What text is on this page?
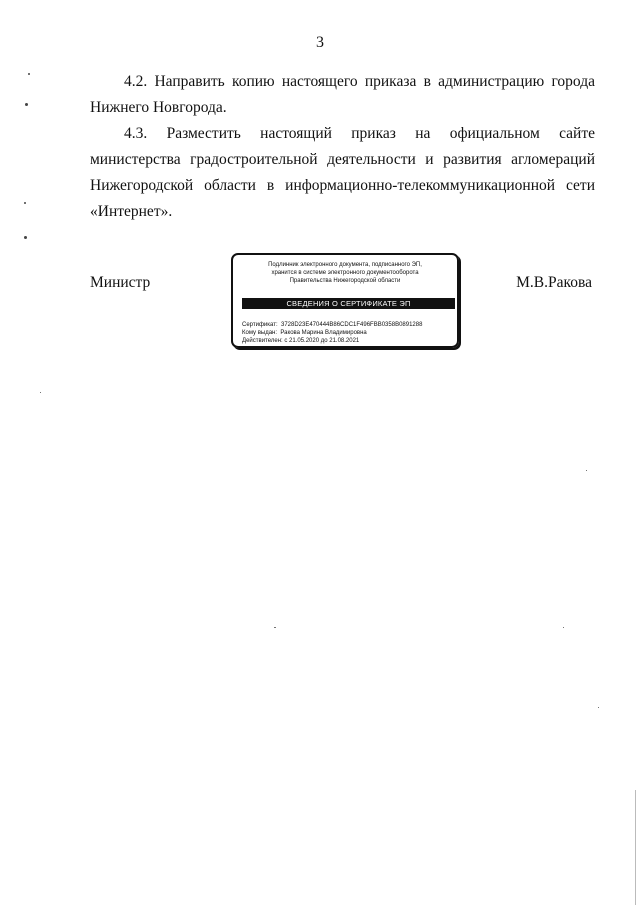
3

4.2. Направить копию настоящего приказа в администрацию города Нижнего Новгорода.

4.3. Разместить настоящий приказ на официальном сайте министерства градостроительной деятельности и развития агломераций Нижегородской области в информационно-телекоммуникационной сети «Интернет».

Министр
Подлинник электронного документа, подписанного ЭП,
хранится в системе электронного документооборота
Правительства Нижегородской области
СВЕДЕНИЯ О СЕРТИФИКАТЕ ЭП
Сертификат: 3728D23E470444B86CDC1F496FBB0358B0891288
Кому выдан: Ракова Марина Владимировна
Действителен: с 21.05.2020 до 21.08.2021
М.В.Ракова
